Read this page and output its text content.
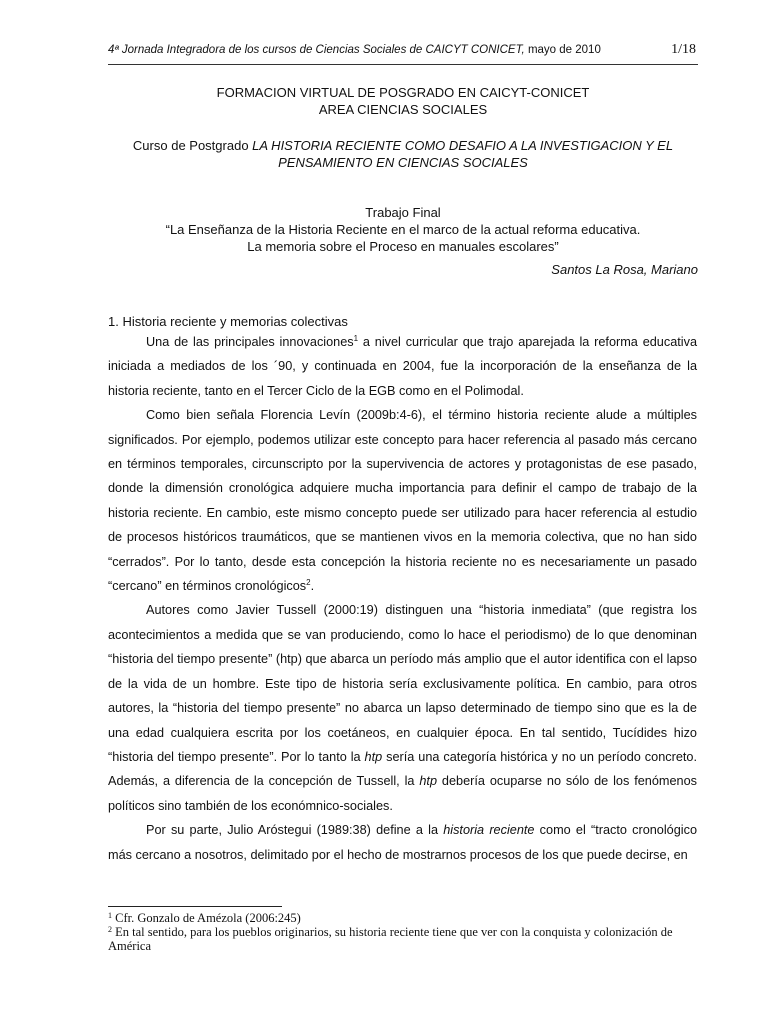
4ª Jornada Integradora de los cursos de Ciencias Sociales de CAICYT CONICET, mayo de 2010	1/18
FORMACION VIRTUAL DE POSGRADO EN CAICYT-CONICET
AREA CIENCIAS SOCIALES
Curso de Postgrado LA HISTORIA RECIENTE COMO DESAFIO A LA INVESTIGACION Y EL
PENSAMIENTO EN CIENCIAS SOCIALES
Trabajo Final
“La Enseñanza de la Historia Reciente en el marco de la actual reforma educativa.
La memoria sobre el Proceso en manuales escolares”
Santos La Rosa, Mariano
1. Historia reciente y memorias colectivas

Una de las principales innovaciones$^1$ a nivel curricular que trajo aparejada la reforma educativa iniciada a mediados de los ´90, y continuada en 2004, fue la incorporación de la enseñanza de la historia reciente, tanto en el Tercer Ciclo de la EGB como en el Polimodal.

Como bien señala Florencia Levín (2009b:4-6), el término historia reciente alude a múltiples significados. Por ejemplo, podemos utilizar este concepto para hacer referencia al pasado más cercano en términos temporales, circunscripto por la supervivencia de actores y protagonistas de ese pasado, donde la dimensión cronológica adquiere mucha importancia para definir el campo de trabajo de la historia reciente. En cambio, este mismo concepto puede ser utilizado para hacer referencia al estudio de procesos históricos traumáticos, que se mantienen vivos en la memoria colectiva, que no han sido “cerrados”. Por lo tanto, desde esta concepción la historia reciente no es necesariamente un pasado “cercano” en términos cronológicos$^2$.

Autores como Javier Tussell (2000:19) distinguen una “historia inmediata” (que registra los acontecimientos a medida que se van produciendo, como lo hace el periodismo) de lo que denominan “historia del tiempo presente” (htp) que abarca un período más amplio que el autor identifica con el lapso de la vida de un hombre. Este tipo de historia sería exclusivamente política. En cambio, para otros autores, la “historia del tiempo presente” no abarca un lapso determinado de tiempo sino que es la de una edad cualquiera escrita por los coetáneos, en cualquier época. En tal sentido, Tucídides hizo “historia del tiempo presente”. Por lo tanto la htp sería una categoría histórica y no un período concreto. Además, a diferencia de la concepción de Tussell, la htp debería ocuparse no sólo de los fenómenos políticos sino también de los económnico-sociales.

Por su parte, Julio Aróstegui (1989:38) define a la historia reciente como el “tracto cronológico más cercano a nosotros, delimitado por el hecho de mostrarnos procesos de los que puede decirse, en

$^1$ Cfr. Gonzalo de Amézola (2006:245)
$^2$ En tal sentido, para los pueblos originarios, su historia reciente tiene que ver con la conquista y colonización de América
